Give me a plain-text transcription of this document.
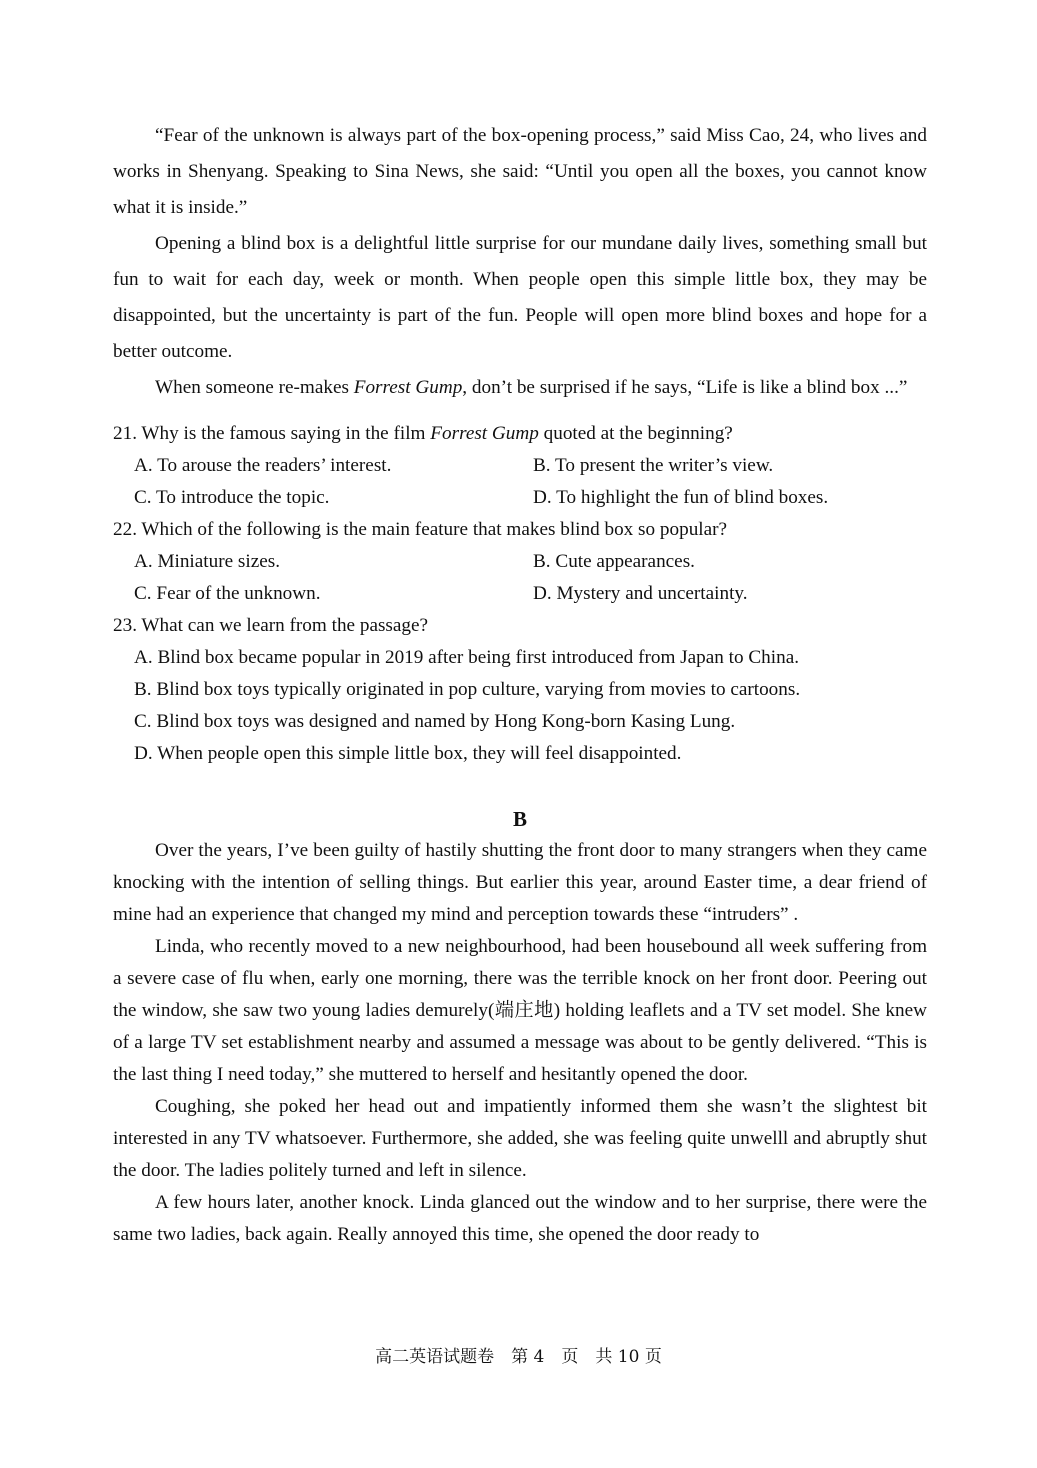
“Fear of the unknown is always part of the box-opening process,” said Miss Cao, 24, who lives and works in Shenyang. Speaking to Sina News, she said: “Until you open all the boxes, you cannot know what it is inside.”

Opening a blind box is a delightful little surprise for our mundane daily lives, something small but fun to wait for each day, week or month. When people open this simple little box, they may be disappointed, but the uncertainty is part of the fun. People will open more blind boxes and hope for a better outcome.

When someone re-makes Forrest Gump, don’t be surprised if he says, “Life is like a blind box ...”

21. Why is the famous saying in the film Forrest Gump quoted at the beginning?

A. To arouse the readers’ interest.	B. To present the writer’s view.
C. To introduce the topic.	D. To highlight the fun of blind boxes.

22. Which of the following is the main feature that makes blind box so popular?

A. Miniature sizes.	B. Cute appearances.
C. Fear of the unknown.	D. Mystery and uncertainty.

23. What can we learn from the passage?

A. Blind box became popular in 2019 after being first introduced from Japan to China.

B. Blind box toys typically originated in pop culture, varying from movies to cartoons.

C. Blind box toys was designed and named by Hong Kong-born Kasing Lung.

D. When people open this simple little box, they will feel disappointed.

B

Over the years, I’ve been guilty of hastily shutting the front door to many strangers when they came knocking with the intention of selling things. But earlier this year, around Easter time, a dear friend of mine had an experience that changed my mind and perception towards these “intruders” .

Linda, who recently moved to a new neighbourhood, had been housebound all week suffering from a severe case of flu when, early one morning, there was the terrible knock on her front door. Peering out the window, she saw two young ladies demurely(端庄地) holding leaflets and a TV set model. She knew of a large TV set establishment nearby and assumed a message was about to be gently delivered. “This is the last thing I need today,” she muttered to herself and hesitantly opened the door.

Coughing, she poked her head out and impatiently informed them she wasn’t the slightest bit interested in any TV whatsoever. Furthermore, she added, she was feeling quite unwelll and abruptly shut the door. The ladies politely turned and left in silence.

A few hours later, another knock. Linda glanced out the window and to her surprise, there were the same two ladies, back again. Really annoyed this time, she opened the door ready to

高二英语试题卷　第 4　页　共 10 页
